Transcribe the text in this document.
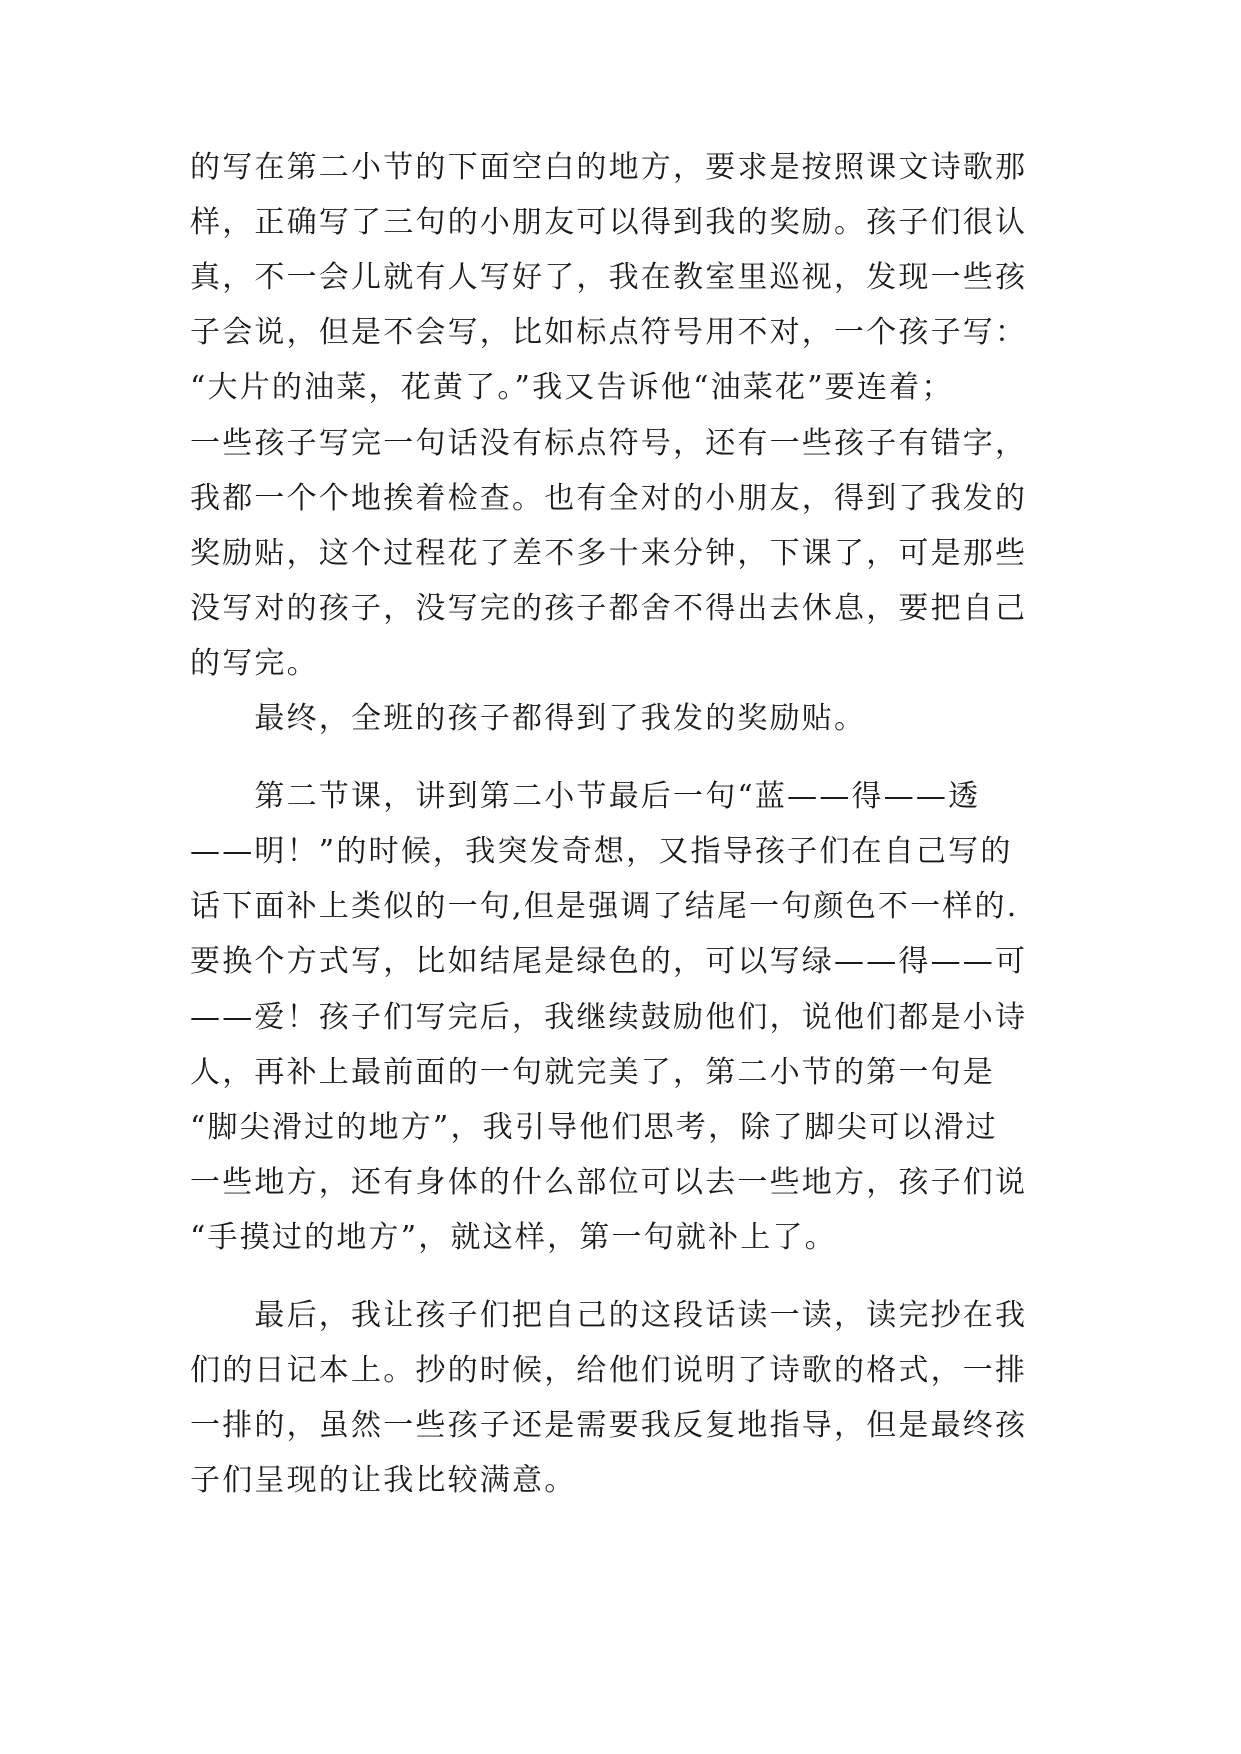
的写在第二小节的下面空白的地方，要求是按照课文诗歌那
样，正确写了三句的小朋友可以得到我的奖励。孩子们很认
真，不一会儿就有人写好了，我在教室里巡视，发现一些孩
子会说，但是不会写，比如标点符号用不对，一个孩子写：
“大片的油菜，花黄了。”我又告诉他“油菜花”要连着；
一些孩子写完一句话没有标点符号，还有一些孩子有错字，
我都一个个地挨着检查。也有全对的小朋友，得到了我发的
奖励贴，这个过程花了差不多十来分钟，下课了，可是那些
没写对的孩子，没写完的孩子都舍不得出去休息，要把自己
的写完。
　　最终，全班的孩子都得到了我发的奖励贴。
　　第二节课，讲到第二小节最后一句“蓝——得——透
——明！”的时候，我突发奇想，又指导孩子们在自己写的
话下面补上类似的一句,但是强调了结尾一句颜色不一样的.
要换个方式写，比如结尾是绿色的，可以写绿——得——可
——爱！孩子们写完后，我继续鼓励他们，说他们都是小诗
人，再补上最前面的一句就完美了，第二小节的第一句是
“脚尖滑过的地方”，我引导他们思考，除了脚尖可以滑过
一些地方，还有身体的什么部位可以去一些地方，孩子们说
“手摸过的地方”，就这样，第一句就补上了。
　　最后，我让孩子们把自己的这段话读一读，读完抄在我
们的日记本上。抄的时候，给他们说明了诗歌的格式，一排
一排的，虽然一些孩子还是需要我反复地指导，但是最终孩
子们呈现的让我比较满意。
